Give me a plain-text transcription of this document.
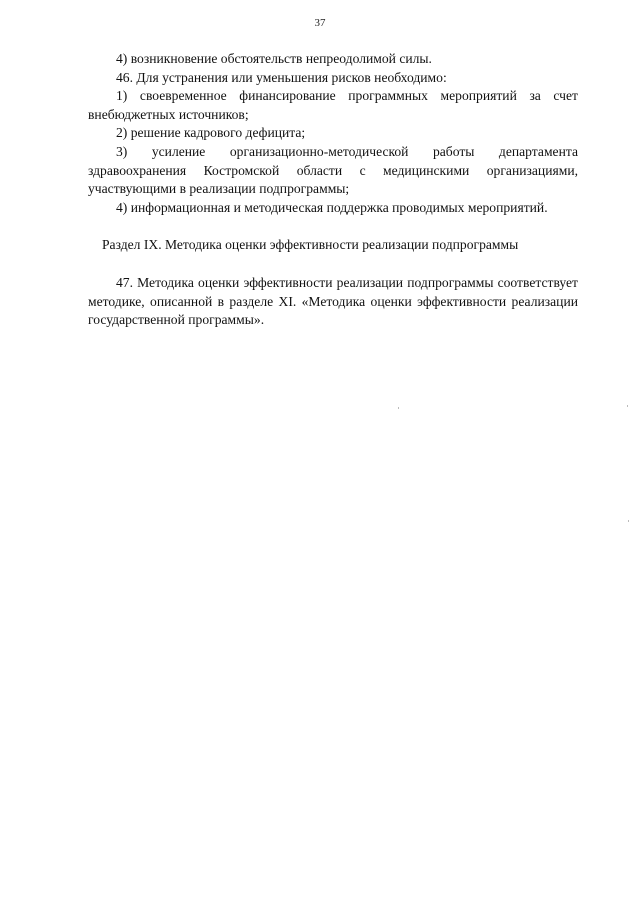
37

4) возникновение обстоятельств непреодолимой силы.

46. Для устранения или уменьшения рисков необходимо:

1) своевременное финансирование программных мероприятий за счет внебюджетных источников;

2) решение кадрового дефицита;

3) усиление организационно-методической работы департамента здравоохранения Костромской области с медицинскими организациями, участвующими в реализации подпрограммы;

4) информационная и методическая поддержка проводимых мероприятий.

Раздел IX. Методика оценки эффективности реализации подпрограммы

47. Методика оценки эффективности реализации подпрограммы соответствует методике, описанной в разделе XI. «Методика оценки эффективности реализации государственной программы».
